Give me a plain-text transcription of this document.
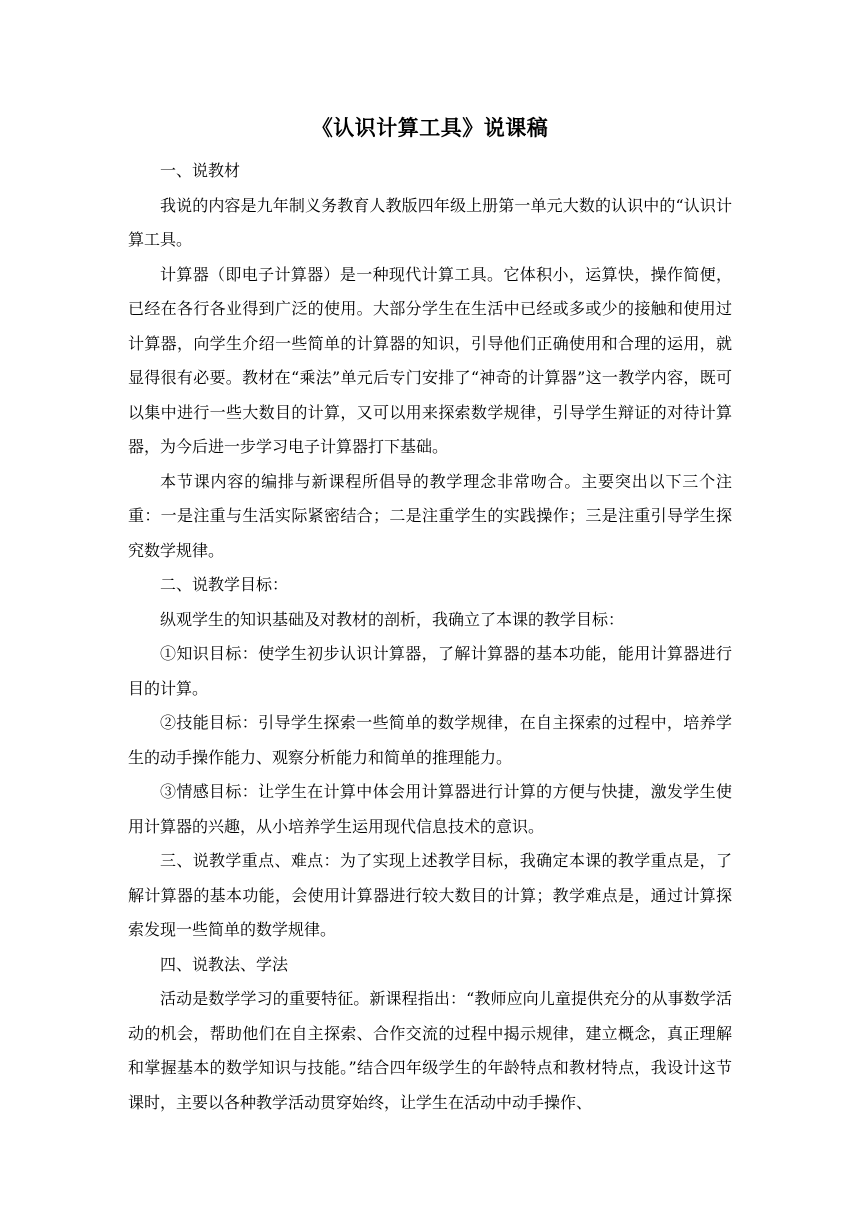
《认识计算工具》说课稿

一、说教材

我说的内容是九年制义务教育人教版四年级上册第一单元大数的认识中的“认识计算工具。

计算器（即电子计算器）是一种现代计算工具。它体积小，运算快，操作简便，已经在各行各业得到广泛的使用。大部分学生在生活中已经或多或少的接触和使用过计算器，向学生介绍一些简单的计算器的知识，引导他们正确使用和合理的运用，就显得很有必要。教材在“乘法”单元后专门安排了“神奇的计算器”这一教学内容，既可以集中进行一些大数目的计算，又可以用来探索数学规律，引导学生辩证的对待计算器，为今后进一步学习电子计算器打下基础。

本节课内容的编排与新课程所倡导的教学理念非常吻合。主要突出以下三个注重：一是注重与生活实际紧密结合；二是注重学生的实践操作；三是注重引导学生探究数学规律。

二、说教学目标：

纵观学生的知识基础及对教材的剖析，我确立了本课的教学目标：

①知识目标：使学生初步认识计算器，了解计算器的基本功能，能用计算器进行目的计算。

②技能目标：引导学生探索一些简单的数学规律，在自主探索的过程中，培养学生的动手操作能力、观察分析能力和简单的推理能力。

③情感目标：让学生在计算中体会用计算器进行计算的方便与快捷，激发学生使用计算器的兴趣，从小培养学生运用现代信息技术的意识。

三、说教学重点、难点：为了实现上述教学目标，我确定本课的教学重点是，了解计算器的基本功能，会使用计算器进行较大数目的计算；教学难点是，通过计算探索发现一些简单的数学规律。

四、说教法、学法

活动是数学学习的重要特征。新课程指出：“教师应向儿童提供充分的从事数学活动的机会，帮助他们在自主探索、合作交流的过程中揭示规律，建立概念，真正理解和掌握基本的数学知识与技能。”结合四年级学生的年龄特点和教材特点，我设计这节课时，主要以各种教学活动贯穿始终，让学生在活动中动手操作、
